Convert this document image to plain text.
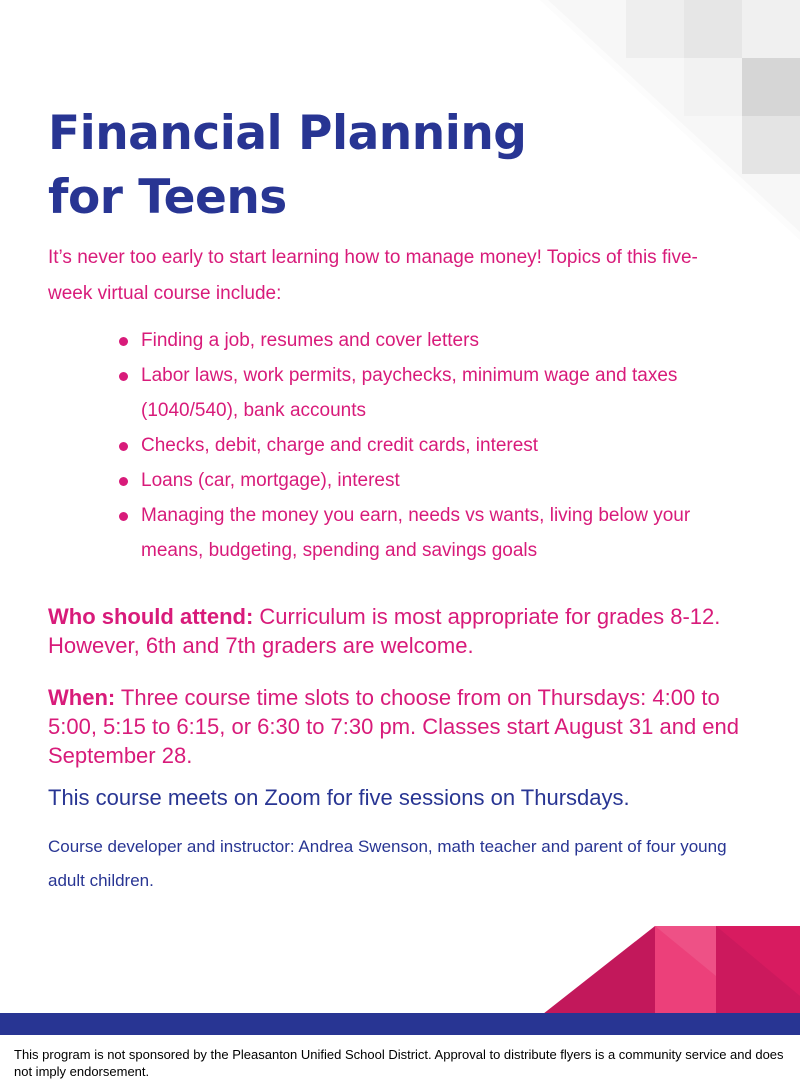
Financial Planning
for Teens

It’s never too early to start learning how to manage money! Topics of this five-week virtual course include:

Finding a job, resumes and cover letters
Labor laws, work permits, paychecks, minimum wage and taxes (1040/540), bank accounts
Checks, debit, charge and credit cards, interest
Loans (car, mortgage), interest
Managing the money you earn, needs vs wants, living below your means, budgeting, spending and savings goals

Who should attend: Curriculum is most appropriate for grades 8-12. However, 6th and 7th graders are welcome.

When: Three course time slots to choose from on Thursdays: 4:00 to 5:00, 5:15 to 6:15, or 6:30 to 7:30 pm. Classes start August 31 and end September 28.

This course meets on Zoom for five sessions on Thursdays.

Course developer and instructor: Andrea Swenson, math teacher and parent of four young adult children.

This program is not sponsored by the Pleasanton Unified School District. Approval to distribute flyers is a community service and does not imply endorsement.
